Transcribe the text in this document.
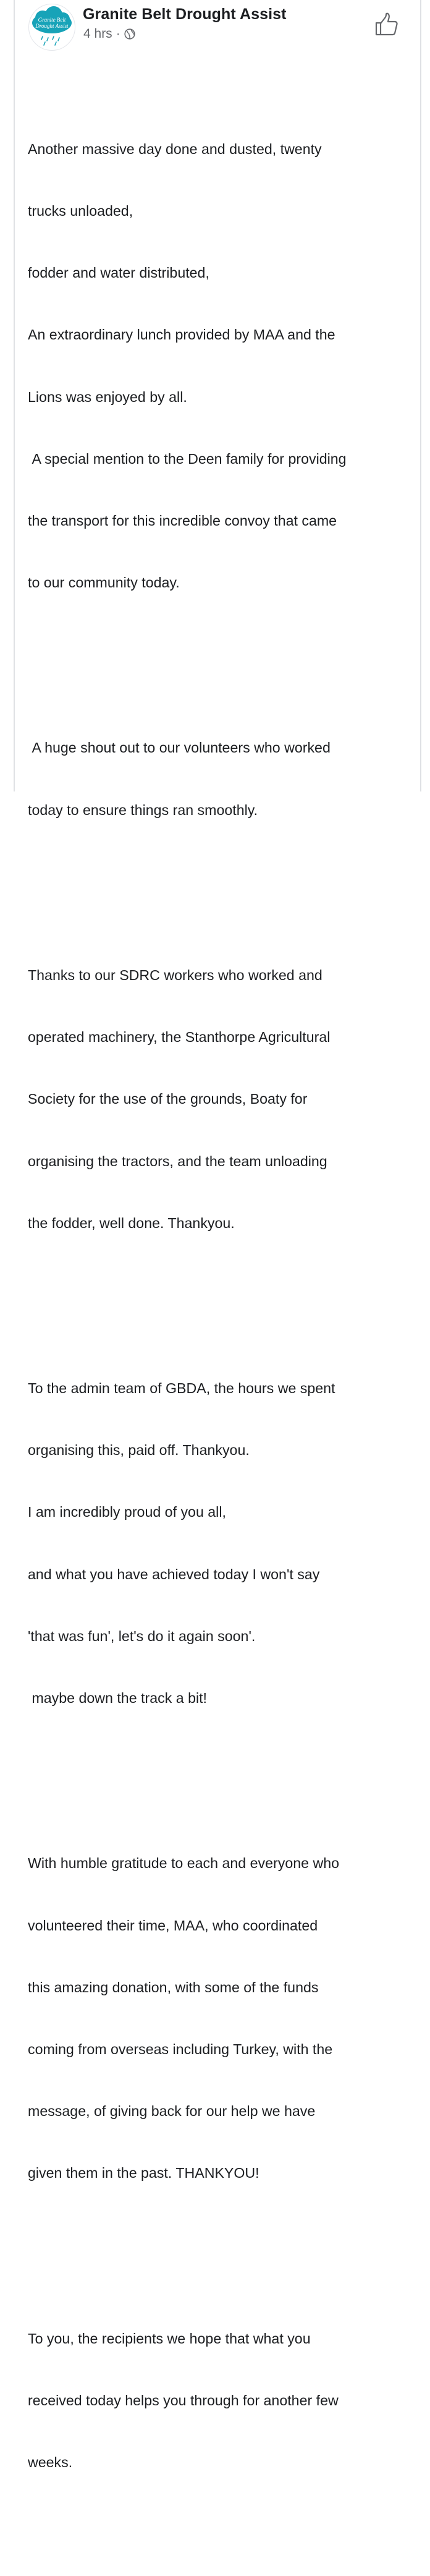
Granite Belt
Drought Assist
Granite Belt Drought Assist
4 hrs ·

Another massive day done and dusted, twenty

trucks unloaded,

fodder and water distributed,

An extraordinary lunch provided by MAA and the

Lions was enjoyed by all.

A special mention to the Deen family for providing

the transport for this incredible convoy that came

to our community today.

A huge shout out to our volunteers who worked

today to ensure things ran smoothly.

Thanks to our SDRC workers who worked and

operated machinery, the Stanthorpe Agricultural

Society for the use of the grounds, Boaty for

organising the tractors, and the team unloading

the fodder, well done. Thankyou.

To the admin team of GBDA, the hours we spent

organising this, paid off. Thankyou.

I am incredibly proud of you all,

and what you have achieved today I won't say

'that was fun', let's do it again soon'.

maybe down the track a bit!

With humble gratitude to each and everyone who

volunteered their time, MAA, who coordinated

this amazing donation, with some of the funds

coming from overseas including Turkey, with the

message, of giving back for our help we have

given them in the past. THANKYOU!

To you, the recipients we hope that what you

received today helps you through for another few

weeks.
